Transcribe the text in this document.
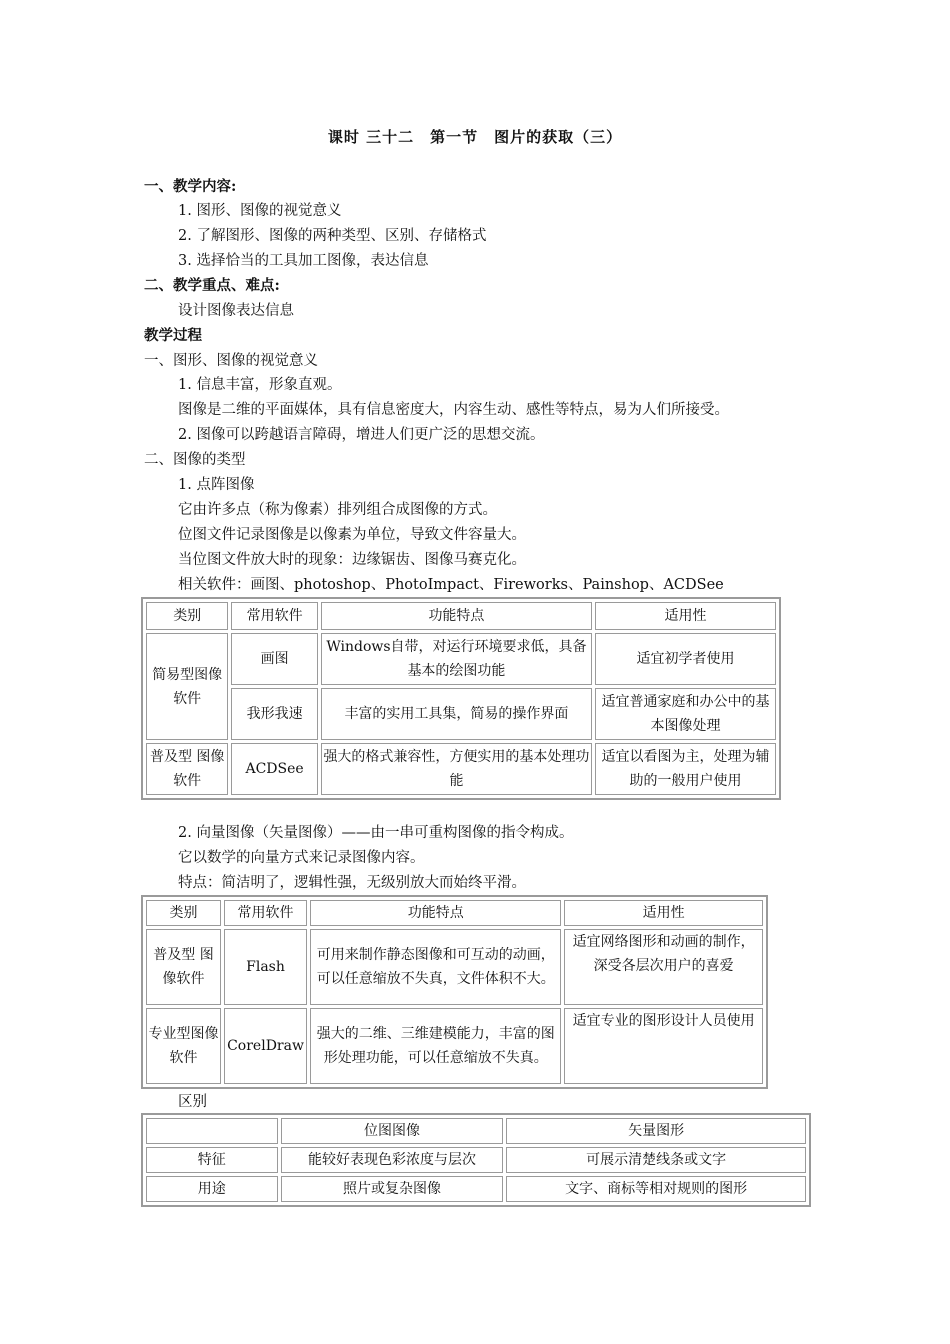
课时 三十二　第一节　图片的获取（三）
一、教学内容:
1. 图形、图像的视觉意义
2. 了解图形、图像的两种类型、区别、存储格式
3. 选择恰当的工具加工图像，表达信息
二、教学重点、难点:
设计图像表达信息
教学过程
一、图形、图像的视觉意义
1. 信息丰富，形象直观。
图像是二维的平面媒体，具有信息密度大，内容生动、感性等特点，易为人们所接受。
2. 图像可以跨越语言障碍，增进人们更广泛的思想交流。
二、图像的类型
1. 点阵图像
它由许多点（称为像素）排列组合成图像的方式。
位图文件记录图像是以像素为单位，导致文件容量大。
当位图文件放大时的现象：边缘锯齿、图像马赛克化。
相关软件：画图、photoshop、PhotoImpact、Fireworks、Painshop、ACDSee
类别	常用软件	功能特点	适用性
简易型图像软件	画图	Windows自带，对运行环境要求低，具备基本的绘图功能	适宜初学者使用
	我形我速	丰富的实用工具集，简易的操作界面	适宜普通家庭和办公中的基本图像处理
普及型 图像软件	ACDSee	强大的格式兼容性，方便实用的基本处理功能	适宜以看图为主，处理为辅助的一般用户使用
2. 向量图像（矢量图像）——由一串可重构图像的指令构成。
它以数学的向量方式来记录图像内容。
特点：简洁明了，逻辑性强，无级别放大而始终平滑。
类别	常用软件	功能特点	适用性
普及型 图像软件	Flash	可用来制作静态图像和可互动的动画，可以任意缩放不失真，文件体积不大。	适宜网络图形和动画的制作，深受各层次用户的喜爱
专业型图像软件	CorelDraw	强大的二维、三维建模能力，丰富的图形处理功能，可以任意缩放不失真。	适宜专业的图形设计人员使用
区别
	位图图像	矢量图形
特征	能较好表现色彩浓度与层次	可展示清楚线条或文字
用途	照片或复杂图像	文字、商标等相对规则的图形
